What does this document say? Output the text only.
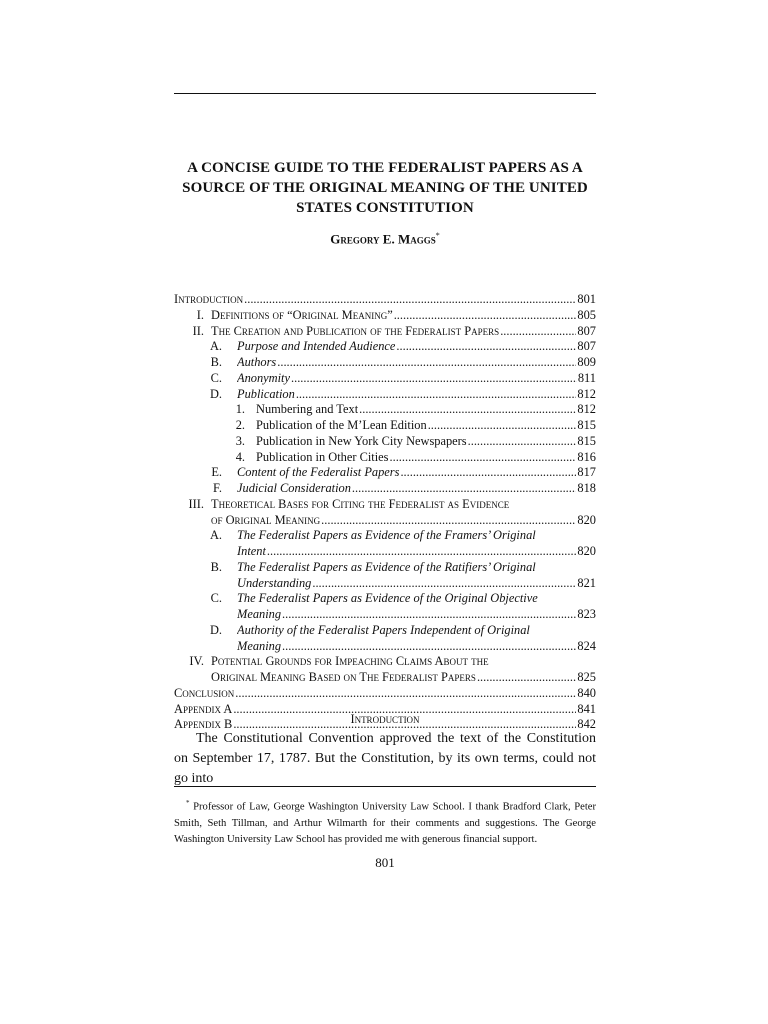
A CONCISE GUIDE TO THE FEDERALIST PAPERS AS A
SOURCE OF THE ORIGINAL MEANING OF THE UNITED
STATES CONSTITUTION
Gregory E. Maggs*
Introduction .....	801
I. Definitions of “Original Meaning” .....	805
II. The Creation and Publication of the Federalist Papers .....	807
A. Purpose and Intended Audience .....	807
B. Authors .....	809
C. Anonymity .....	811
D. Publication .....	812
1. Numbering and Text .....	812
2. Publication of the M’Lean Edition .....	815
3. Publication in New York City Newspapers .....	815
4. Publication in Other Cities .....	816
E. Content of the Federalist Papers .....	817
F. Judicial Consideration .....	818
III. Theoretical Bases for Citing the Federalist as Evidence
of Original Meaning .....	820
A. The Federalist Papers as Evidence of the Framers’ Original
Intent .....	820
B. The Federalist Papers as Evidence of the Ratifiers’ Original
Understanding .....	821
C. The Federalist Papers as Evidence of the Original Objective
Meaning .....	823
D. Authority of the Federalist Papers Independent of Original
Meaning .....	824
IV. Potential Grounds for Impeaching Claims About the
Original Meaning Based on The Federalist Papers .....	825
Conclusion .....	840
Appendix A .....	841
Appendix B .....	842
Introduction
The Constitutional Convention approved the text of the Constitution on September 17, 1787. But the Constitution, by its own terms, could not go into
* Professor of Law, George Washington University Law School. I thank Bradford Clark, Peter Smith, Seth Tillman, and Arthur Wilmarth for their comments and suggestions. The George Washington University Law School has provided me with generous financial support.
801
